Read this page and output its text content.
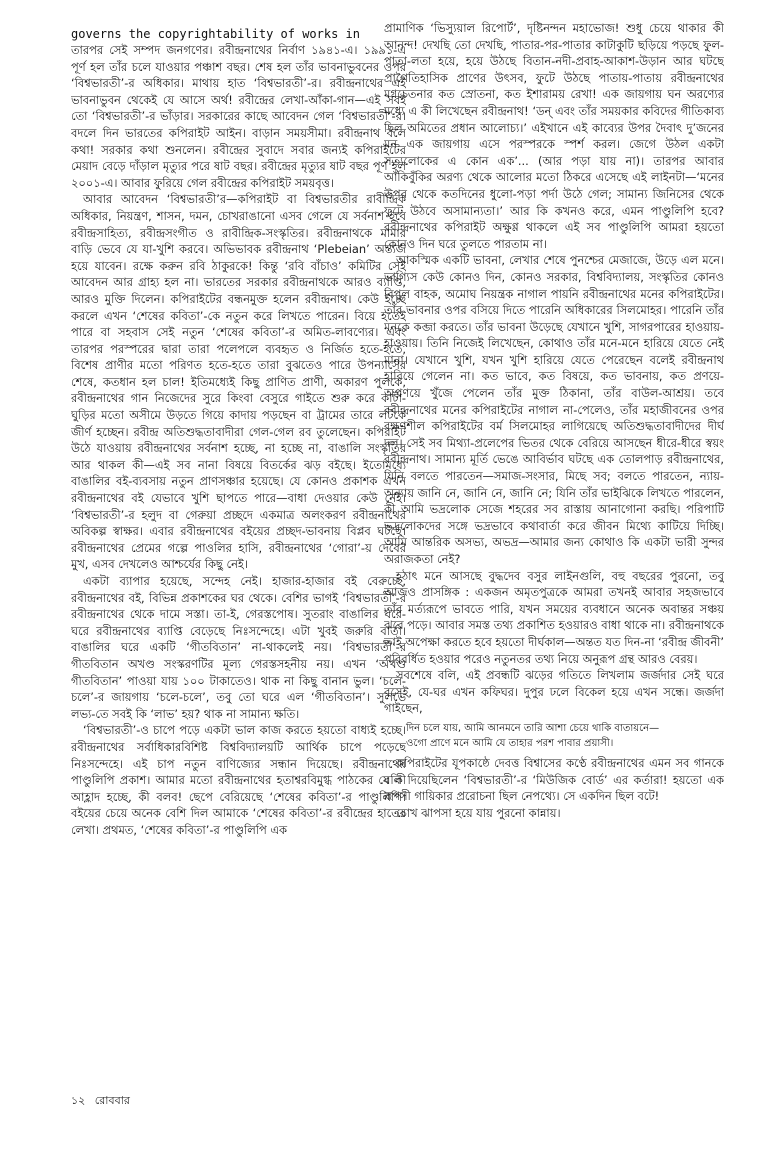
governs the copyrightability of works in

তারপর সেই সম্পদ জনগণের। রবীন্দ্রনাথের নির্বাণ ১৯৪১-এ। ১৯৯১-এ পূর্ণ হল তাঁর চলে যাওয়ার পঞ্চাশ বছর। শেষ হল তাঁর ভাবনাভুবনের ওপর ‘বিশ্বভারতী’-র অধিকার। মাথায় হাত ‘বিশ্বভারতী’-র। রবীন্দ্রনাথের এই ভাবনাভুবন থেকেই যে আসে অর্থ! রবীন্দ্রের লেখা-আঁকা-গান—এই সবই তো ‘বিশ্বভারতী’-র ভাঁড়ার। সরকারের কাছে আবেদন গেল ‘বিশ্বভারতী’-র। বদলে দিন ভারতের কপিরাইট আইন। বাড়ান সময়সীমা। রবীন্দ্রনাথ বলে কথা! সরকার কথা শুনলেন। রবীন্দ্রের সুবাদে সবার জন্যই কপিরাইটের মেয়াদ বেড়ে দাঁড়াল মৃত্যুর পরে ষাট বছর। রবীন্দ্রের মৃত্যুর ষাট বছর পূর্ণ হল ২০০১-এ। আবার ফুরিয়ে গেল রবীন্দ্রের কপিরাইট সময়বৃত্ত।

আবার আবেদন ‘বিশ্বভারতী’র—কপিরাইট বা বিশ্বভারতীর রাবীন্দ্রিক অধিকার, নিয়ন্ত্রণ, শাসন, দমন, চোখরাঙানো এসব গেলে যে সর্বনাশ হবে রবীন্দ্রসাহিত্য, রবীন্দ্রসংগীত ও রাবীন্দ্রিক-সংস্কৃতির। রবীন্দ্রনাথকে মামার বাড়ি ভেবে যে যা-খুশি করবে। অভিভাবক রবীন্দ্রনাথ ‘Plebeian’ অন্ত্যজ হয়ে যাবেন। রক্ষে করুন রবি ঠাকুরকে! কিন্তু ‘রবি বাঁচাও’ কমিটির সেই আবেদন আর গ্রাহ্য হল না। ভারতের সরকার রবীন্দ্রনাথকে আরও ব্যাপ্তি, আরও মুক্তি দিলেন। কপিরাইটের বন্ধনমুক্ত হলেন রবীন্দ্রনাথ। কেউ ইচ্ছে করলে এখন ‘শেষের কবিতা’-কে নতুন করে লিখতে পারেন। বিয়ে হতেই পারে বা সহবাস সেই নতুন ‘শেষের কবিতা’-র অমিত-লাবণ্যের। এবং তারপর পরস্পরের দ্বারা তারা পলেপলে ব্যবহৃত ও নির্জিত হতে-হতে, বিশেষ প্রাণীর মতো পরিণত হতে-হতে তারা বুঝতেও পারে উপন্যাসের শেষে, কতধান হল চাল! ইতিমধ্যেই কিছু প্রাণিত প্রাণী, অকারণ পুলকে, রবীন্দ্রনাথের গান নিজেদের সুরে কিংবা বেসুরে গাইতে শুরু করে কাটা-ঘুড়ির মতো অসীমে উড়তে গিয়ে কাদায় পড়ছেন বা ট্রামের তারে লটকে জীর্ণ হচ্ছেন। রবীন্দ্র অতিশুদ্ধতাবাদীরা গেল-গেল রব তুলেছেন। কপিরাইট উঠে যাওয়ায় রবীন্দ্রনাথের সর্বনাশ হচ্ছে, না হচ্ছে না, বাঙালি সংস্কৃতির আর থাকল কী—এই সব নানা বিষয়ে বিতর্কের ঝড় বইছে। ইতোমধ্যে বাঙালির বই-ব্যবসায় নতুন প্রাণসঞ্চার হয়েছে। যে কোনও প্রকাশক এখন রবীন্দ্রনাথের বই যেভাবে খুশি ছাপতে পারে—বাধা দেওয়ার কেউ নেই। ‘বিশ্বভারতী’-র হলুদ বা গেরুয়া প্রচ্ছদে একমাত্র অলংকরণ রবীন্দ্রনাথের অবিকল্প স্বাক্ষর। এবার রবীন্দ্রনাথের বইয়ের প্রচ্ছদ-ভাবনায় বিপ্লব ঘটছে। রবীন্দ্রনাথের প্রেমের গল্পে পাওলির হাসি, রবীন্দ্রনাথের ‘গোরা’-য় দেবের মুখ, এসব দেখলেও আশ্চর্যের কিছু নেই।

একটা ব্যাপার হয়েছে, সন্দেহ নেই। হাজার-হাজার বই বেরুচ্ছে, রবীন্দ্রনাথের বই, বিভিন্ন প্রকাশকের ঘর থেকে। বেশির ভাগই ‘বিশ্বভারতী’-র রবীন্দ্রনাথের থেকে দামে সস্তা। তা-ই, গেরস্তপোষ। সুতরাং বাঙালির ঘরে-ঘরে রবীন্দ্রনাথের ব্যাপ্তি বেড়েছে নিঃসন্দেহে। এটা খুবই জরুরি বার্তা। বাঙালির ঘরে একটি ‘গীতবিতান’ না-থাকলেই নয়। ‘বিশ্বভারতী’-র গীতবিতান অখণ্ড সংস্করণটির মূল্য গেরস্তসহনীয় নয়। এখন ‘অখণ্ড গীতবিতান’ পাওয়া যায় ১০০ টাকাতেও। থাক না কিছু বানান ভুল। ‘চলে-চলে’-র জায়গায় ‘চলে-চলে’, তবু তো ঘরে এল ‘গীতবিতান’। সুলভে লভ্য-তে সবই কি ‘লাভ’ হয়? থাক না সামান্য ক্ষতি।

‘বিশ্বভারতী’-ও চাপে পড়ে একটা ভাল কাজ করতে হয়তো বাধ্যই হচ্ছে। রবীন্দ্রনাথের সর্বাধিকারবিশিষ্ট বিশ্ববিদ্যালয়টি আর্থিক চাপে পড়েছে নিঃসন্দেহে। এই চাপ নতুন বাণিজ্যের সন্ধান দিয়েছে। রবীন্দ্রনাথের পাণ্ডুলিপি প্রকাশ। আমার মতো রবীন্দ্রনাথের হতাশ্বরবিমুগ্ধ পাঠকের যে কী আহ্লাদ হচ্ছে, কী বলব! ছেপে বেরিয়েছে ‘শেষের কবিতা’-র পাণ্ডুলিপি। বইয়ের চেয়ে অনেক বেশি দিল আমাকে ‘শেষের কবিতা’-র রবীন্দ্রের হাতের লেখা। প্রথমত, ‘শেষের কবিতা’-র পাণ্ডুলিপি এক

প্রামাণিক ‘ভিস্যুয়াল রিপোর্ট’, দৃষ্টিনন্দন মহাভোজ! শুধু চেয়ে থাকার কী আনন্দ! দেখছি তো দেখছি, পাতার-পর-পাতার কাটাকুটি ছড়িয়ে পড়ছে ফুল-পাতা-লতা হয়ে, হয়ে উঠছে বিতান-নদী-প্রবাহ-আকাশ-উড়ান আর ঘটছে প্রাগৈতিহাসিক প্রাণের উৎসব, ফুটে উঠছে পাতায়-পাতায় রবীন্দ্রনাথের মগ্নচেতনার কত স্রোতনা, কত ইশারাময় রেখা! এক জায়গায় ঘন অরণ্যের মধ্যে এ কী লিখেছেন রবীন্দ্রনাথ! ‘ডন্‌ এবং তাঁর সময়কার কবিদের গীতিকাব্য ছিল অমিতের প্রধান আলোচ্য।’ এইখানে এই কাব্যের উপর দৈবাৎ দু’জনের মন এক জায়গায় এসে পরস্পরকে স্পর্শ করল। জেগে উঠল একটা সত্যলোকের এ কোন এক’... (আর পড়া যায় না)। তারপর আবার আঁকিবুঁকির অরণ্য থেকে আলোর মতো ঠিকরে এসেছে এই লাইনটা—‘মনের উপর থেকে কতদিনের ধুলো-পড়া পর্দা উঠে গেল; সামান্য জিনিসের থেকে ফুটে উঠবে অসামান্যতা।’ আর কি কখনও করে, এমন পাণ্ডুলিপি হবে? রবীন্দ্রনাথের কপিরাইট অক্ষুণ্ণ থাকলে এই সব পাণ্ডুলিপি আমরা হয়তো কোনও দিন ঘরে তুলতে পারতাম না।

আকস্মিক একটি ভাবনা, লেখার শেষে পুনশ্চের মেজাজে, উড়ে এল মনে। ভাগ্যিস কেউ কোনও দিন, কোনও সরকার, বিশ্ববিদ্যালয়, সংস্কৃতির কোনও বিপুল বাহক, অমোঘ নিয়ন্ত্রক নাগাল পায়নি রবীন্দ্রনাথের মনের কপিরাইটের। তাঁর ভাবনার ওপর বসিয়ে দিতে পারেনি অধিকারের সিলমোহর। পারেনি তাঁর মনকে কব্জা করতে। তাঁর ভাবনা উড়েছে যেখানে খুশি, সাগরপারের হাওয়ায়-হাওয়ায়। তিনি নিজেই লিখেছেন, কোথাও তাঁর মনে-মনে হারিয়ে যেতে নেই মানা। যেখানে খুশি, যখন খুশি হারিয়ে যেতে পেরেছেন বলেই রবীন্দ্রনাথ হারিয়ে গেলেন না। কত ভাবে, কত বিষয়ে, কত ভাবনায়, কত প্রণয়ে-অপ্রণয়ে খুঁজে পেলেন তাঁর মুক্ত ঠিকানা, তাঁর বাউল-আশ্রয়। তবে রবীন্দ্রনাথের মনের কপিরাইটের নাগাল না-পেলেও, তাঁর মহাজীবনের ওপর রক্ষণশীল কপিরাইটের বর্ম সিলমোহর লাগিয়েছে অতিশুদ্ধতাবাদীদের দীর্ঘ দল। সেই সব মিথ্যা-প্রলেপের ভিতর থেকে বেরিয়ে আসছেন ধীরে-ধীরে স্বয়ং রবীন্দ্রনাথ। সামান্য মূর্তি ভেঙে আবির্ভাব ঘটছে এক তোলপাড় রবীন্দ্রনাথের, যিনি বলতে পারতেন—সমাজ-সংসার, মিছে সব; বলতে পারতেন, ন্যায়-অন্যায় জানি নে, জানি নে, জানি নে; যিনি তাঁর ভাইঝিকে লিখতে পারলেন, কী আমি ভদ্রলোক সেজে শহরের সব রাস্তায় আনাগোনা করছি। পরিপাটি ভদ্রলোকদের সঙ্গে ভদ্রভাবে কথাবার্তা করে জীবন মিথ্যে কাটিয়ে দিচ্ছি। আমি আন্তরিক অসভ্য, অভদ্র—আমার জন্য কোথাও কি একটা ভারী সুন্দর অরাজকতা নেই?

হঠাৎ মনে আসছে বুদ্ধদেব বসুর লাইনগুলি, বহু বছরের পুরনো, তবু আজও প্রাসঙ্গিক : একজন অমৃতপুত্রকে আমরা তখনই আবার সহজভাবে তাঁর মর্ত্যরূপে ভাবতে পারি, যখন সময়ের ব্যবধানে অনেক অবান্তর সঞ্চয় ঝরে পড়ে। আবার সমস্ত তথ্য প্রকাশিত হওয়ারও বাধা থাকে না। রবীন্দ্রনাথকে তাই অপেক্ষা করতে হবে হয়তো দীর্ঘকাল—অন্তত যত দিন-না ‘রবীন্দ্র জীবনী’ পরিবর্ধিত হওয়ার পরেও নতুনতর তথ্য নিয়ে অনুরূপ গ্রন্থ আরও বেরয়।

সবশেষে বলি, এই প্রবন্ধটি ঝড়ের গতিতে লিখলাম জর্জদার সেই ঘরে বসেই, যে-ঘর এখন কফিঘর। দুপুর ঢলে বিকেল হয়ে এখন সন্ধে। জর্জদা গাইছেন,

দিন চলে যায়, আমি আনমনে তারি আশা চেয়ে থাকি বাতায়নে—
ওগো প্রাণে মনে আমি যে তাহার পরশ পাবার প্রয়াসী।

কপিরাইটের যূপকাষ্ঠে দেবত্ত বিশ্বাসের কণ্ঠে রবীন্দ্রনাথের এমন সব গানকে বলি দিয়েছিলেন ‘বিশ্বভারতী’-র ‘মিউজিক বোর্ড’ এর কর্তারা! হয়তো এক রূপসী গায়িকার প্ররোচনা ছিল নেপথ্যে। সে একদিন ছিল বটে!

চোখ ঝাপসা হয়ে যায় পুরনো কান্নায়।

১২ রোববার
